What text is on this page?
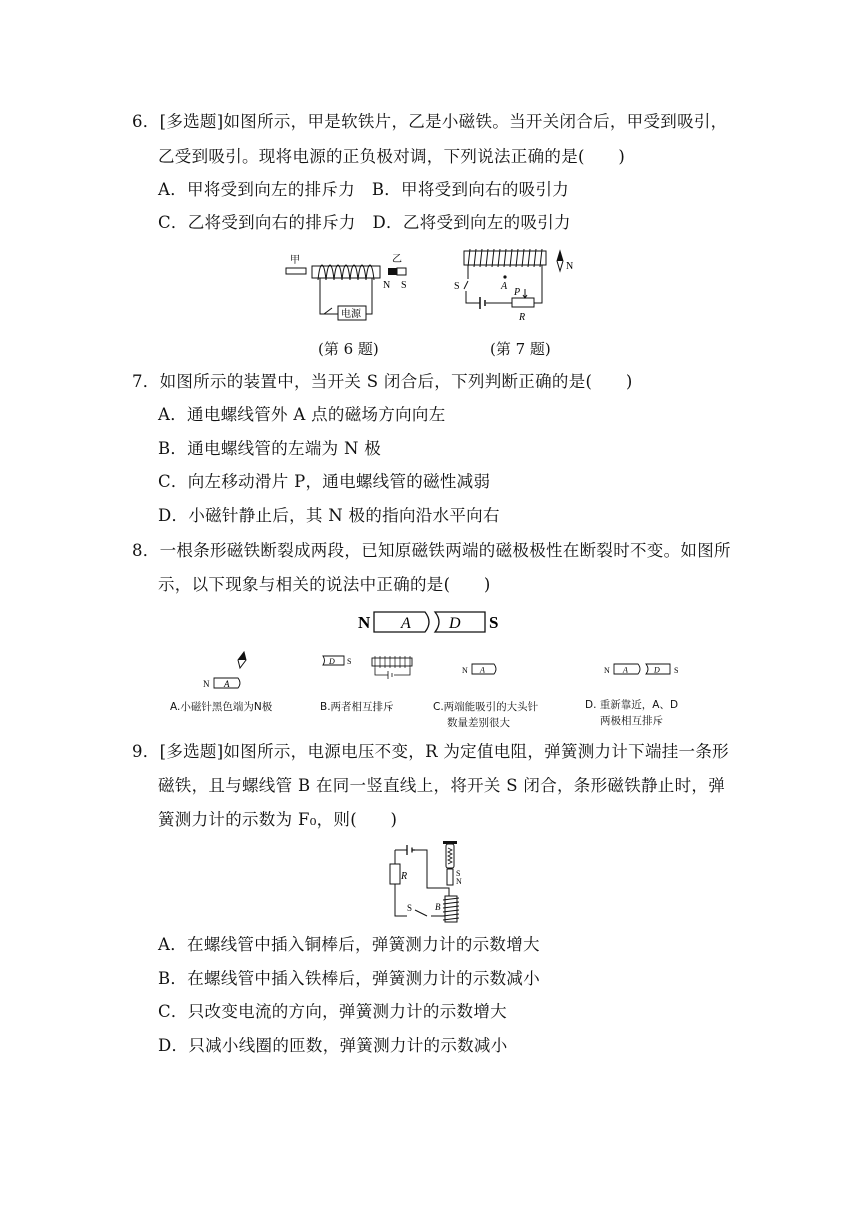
6．[多选题]如图所示，甲是软铁片，乙是小磁铁。当开关闭合后，甲受到吸引，
乙受到吸引。现将电源的正负极对调，下列说法正确的是(　　)
A．甲将受到向左的排斥力　B．甲将受到向右的吸引力
C．乙将受到向右的排斥力　D．乙将受到向左的吸引力
甲	乙
N S
电源
N
A
S
P
R
(第 6 题)	(第 7 题)
7．如图所示的装置中，当开关 S 闭合后，下列判断正确的是(　　)
A．通电螺线管外 A 点的磁场方向向左
B．通电螺线管的左端为 N 极
C．向左移动滑片 P，通电螺线管的磁性减弱
D．小磁针静止后，其 N 极的指向沿水平向右
8．一根条形磁铁断裂成两段，已知原磁铁两端的磁极极性在断裂时不变。如图所
示，以下现象与相关的说法中正确的是(　　)
N A D S
N A
D S
N A	N A	D S
A.小磁针黑色端为N极	B.两者相互排斥	C.两端能吸引的大头针
数量差别很大
D. 重新靠近，A、D
两极相互排斥
9．[多选题]如图所示，电源电压不变，R 为定值电阻，弹簧测力计下端挂一条形
磁铁，且与螺线管 B 在同一竖直线上，将开关 S 闭合，条形磁铁静止时，弹
簧测力计的示数为 F₀，则(　　)
R
S	B
S
N
A．在螺线管中插入铜棒后，弹簧测力计的示数增大
B．在螺线管中插入铁棒后，弹簧测力计的示数减小
C．只改变电流的方向，弹簧测力计的示数增大
D．只减小线圈的匝数，弹簧测力计的示数减小
